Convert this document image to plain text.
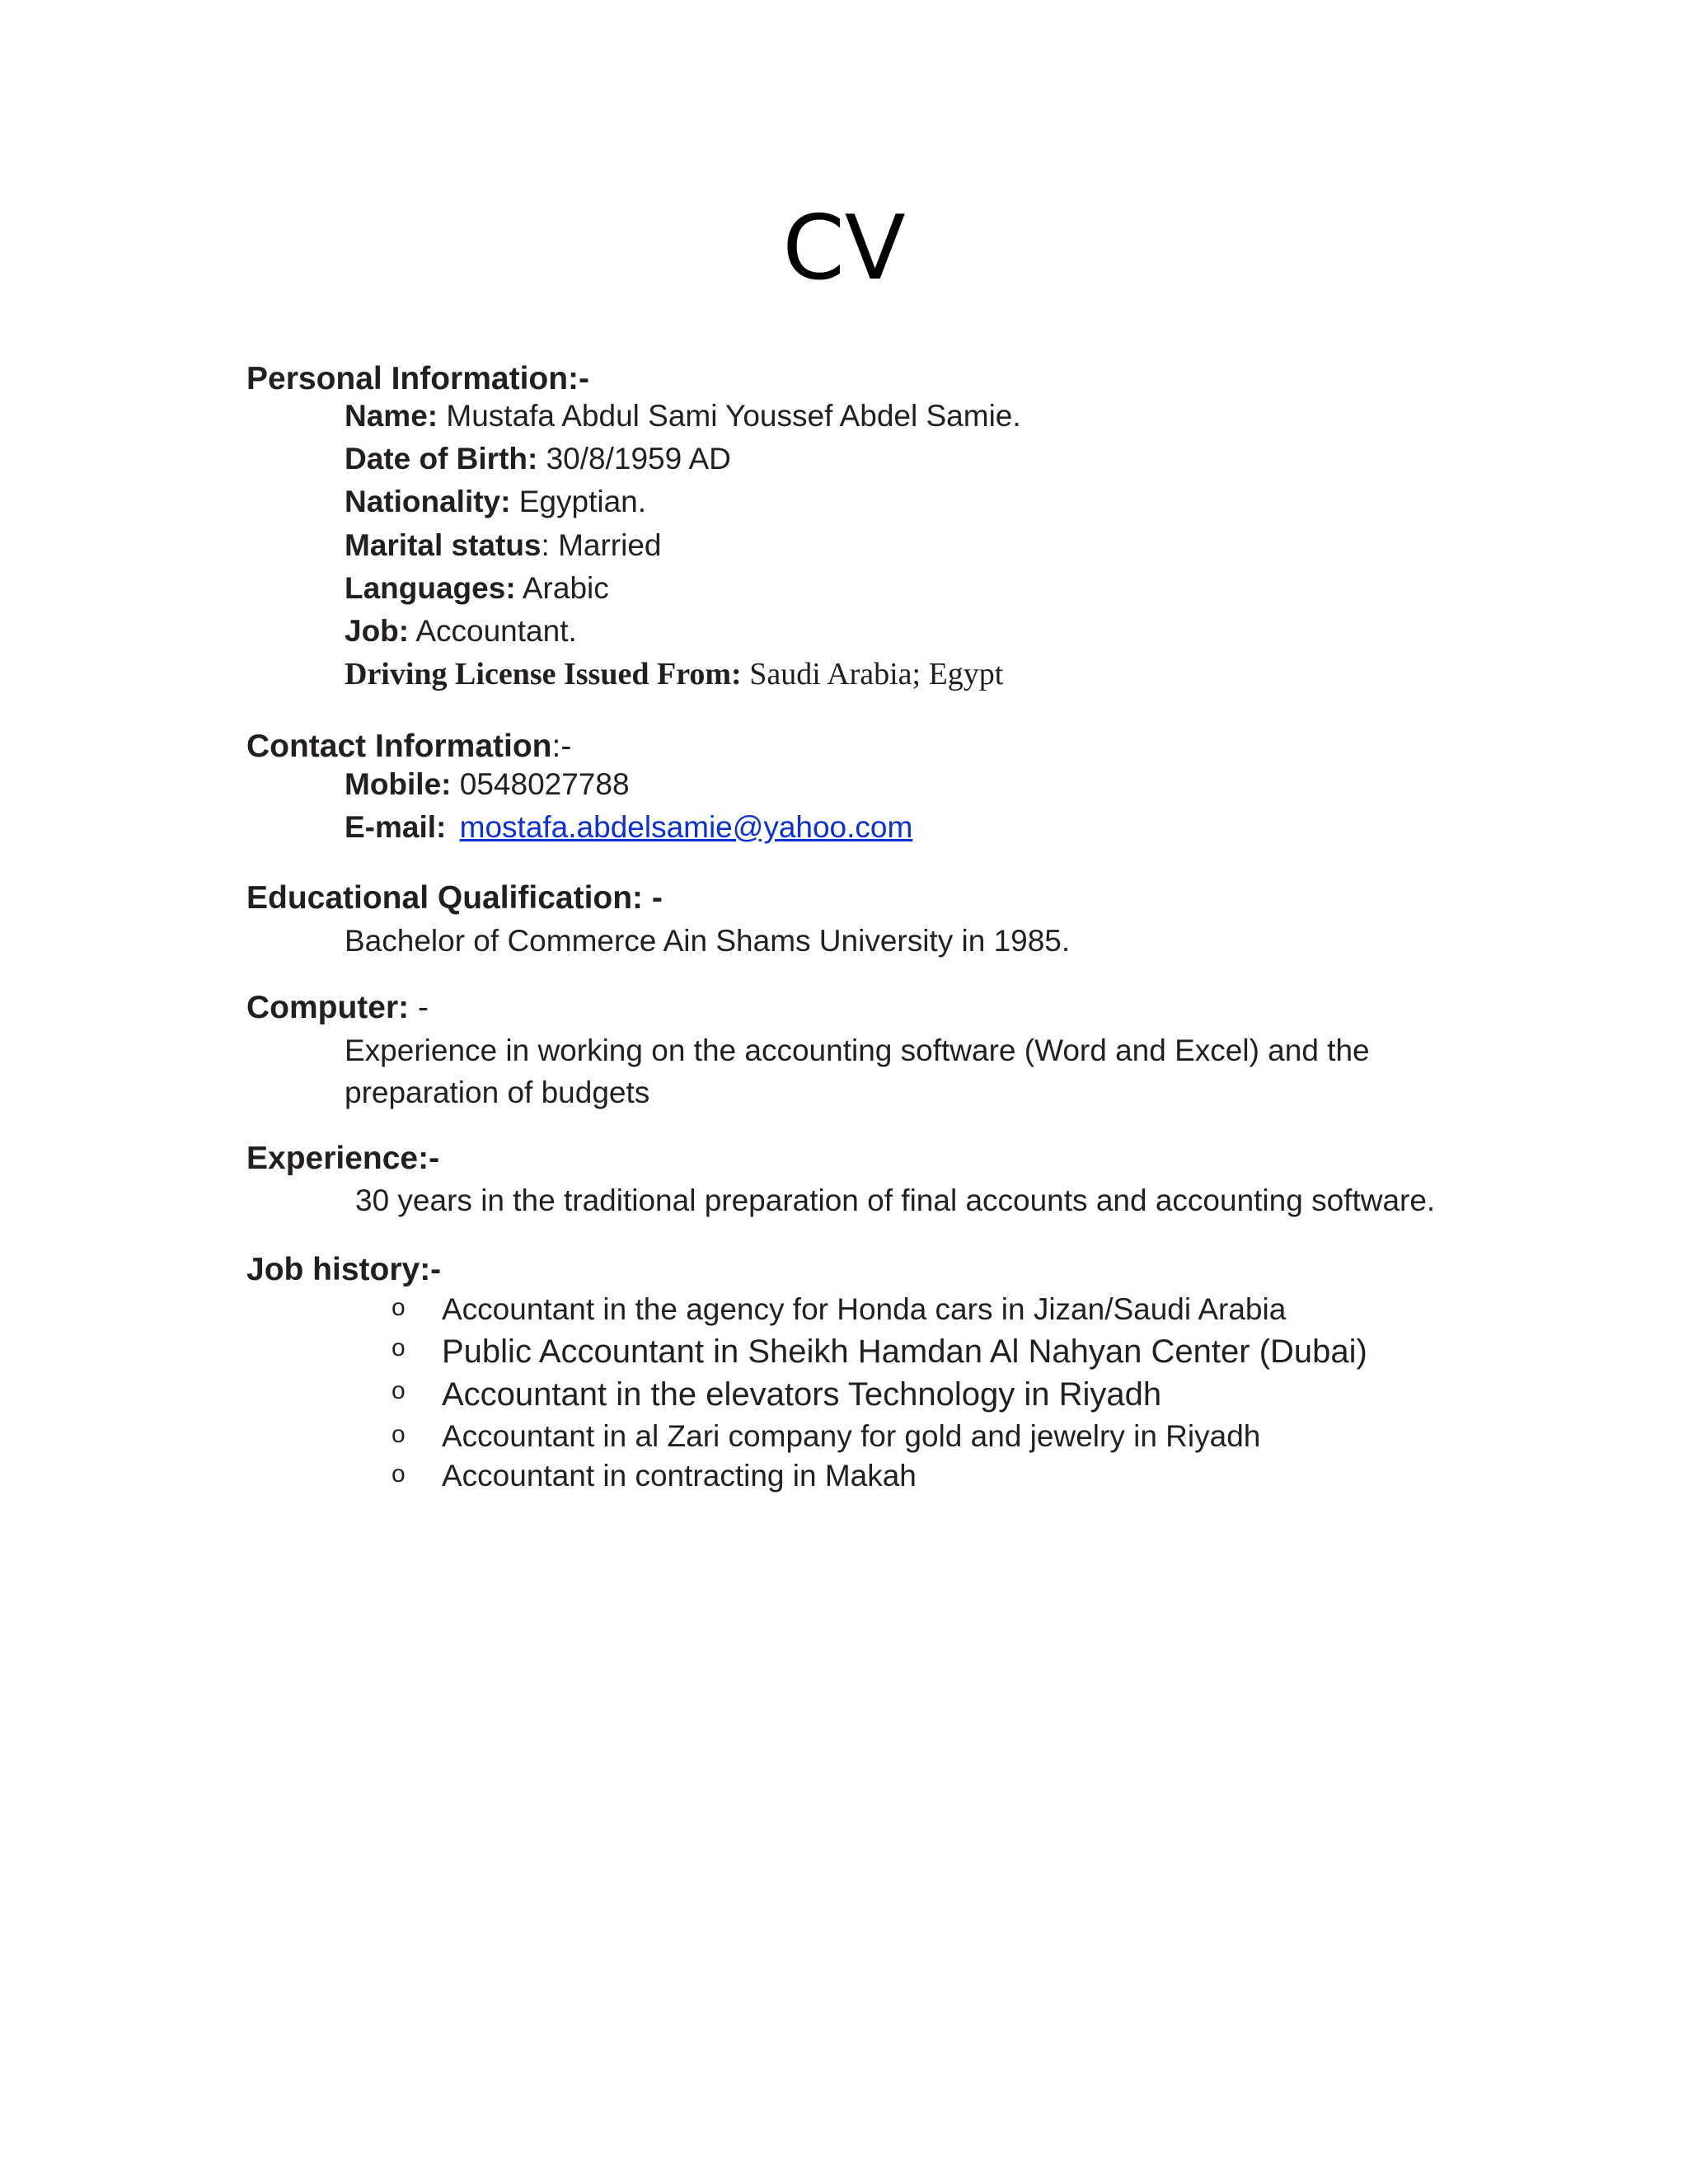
CV
Personal Information:-
Name: Mustafa Abdul Sami Youssef Abdel Samie.
Date of Birth: 30/8/1959 AD
Nationality: Egyptian.
Marital status: Married
Languages: Arabic
Job: Accountant.
Driving License Issued From: Saudi Arabia; Egypt
Contact Information:-
Mobile: 0548027788
E-mail: mostafa.abdelsamie@yahoo.com
Educational Qualification: -
Bachelor of Commerce Ain Shams University in 1985.
Computer: -
Experience in working on the accounting software (Word and Excel) and the preparation of budgets
Experience:-
30 years in the traditional preparation of final accounts and accounting software.
Job history:-
o Accountant in the agency for Honda cars in Jizan/Saudi Arabia
o Public Accountant in Sheikh Hamdan Al Nahyan Center (Dubai)
o Accountant in the elevators Technology in Riyadh
o Accountant in al Zari company for gold and jewelry in Riyadh
o Accountant in contracting in Makah
